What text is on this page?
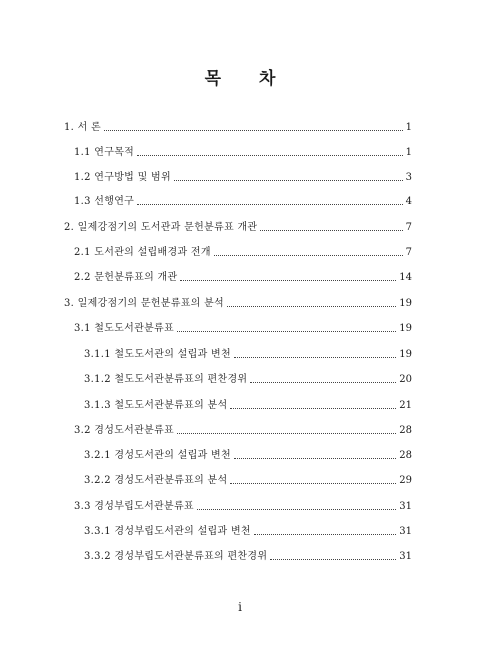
목 차
1. 서 론	1
1.1 연구목적	1
1.2 연구방법 및 범위	3
1.3 선행연구	4
2. 일제강점기의 도서관과 문헌분류표 개관	7
2.1 도서관의 설립배경과 전개	7
2.2 문헌분류표의 개관	14
3. 일제강점기의 문헌분류표의 분석	19
3.1 철도도서관분류표	19
3.1.1 철도도서관의 설립과 변천	19
3.1.2 철도도서관분류표의 편찬경위	20
3.1.3 철도도서관분류표의 분석	21
3.2 경성도서관분류표	28
3.2.1 경성도서관의 설립과 변천	28
3.2.2 경성도서관분류표의 분석	29
3.3 경성부립도서관분류표	31
3.3.1 경성부립도서관의 설립과 변천	31
3.3.2 경성부립도서관분류표의 편찬경위	31
i
